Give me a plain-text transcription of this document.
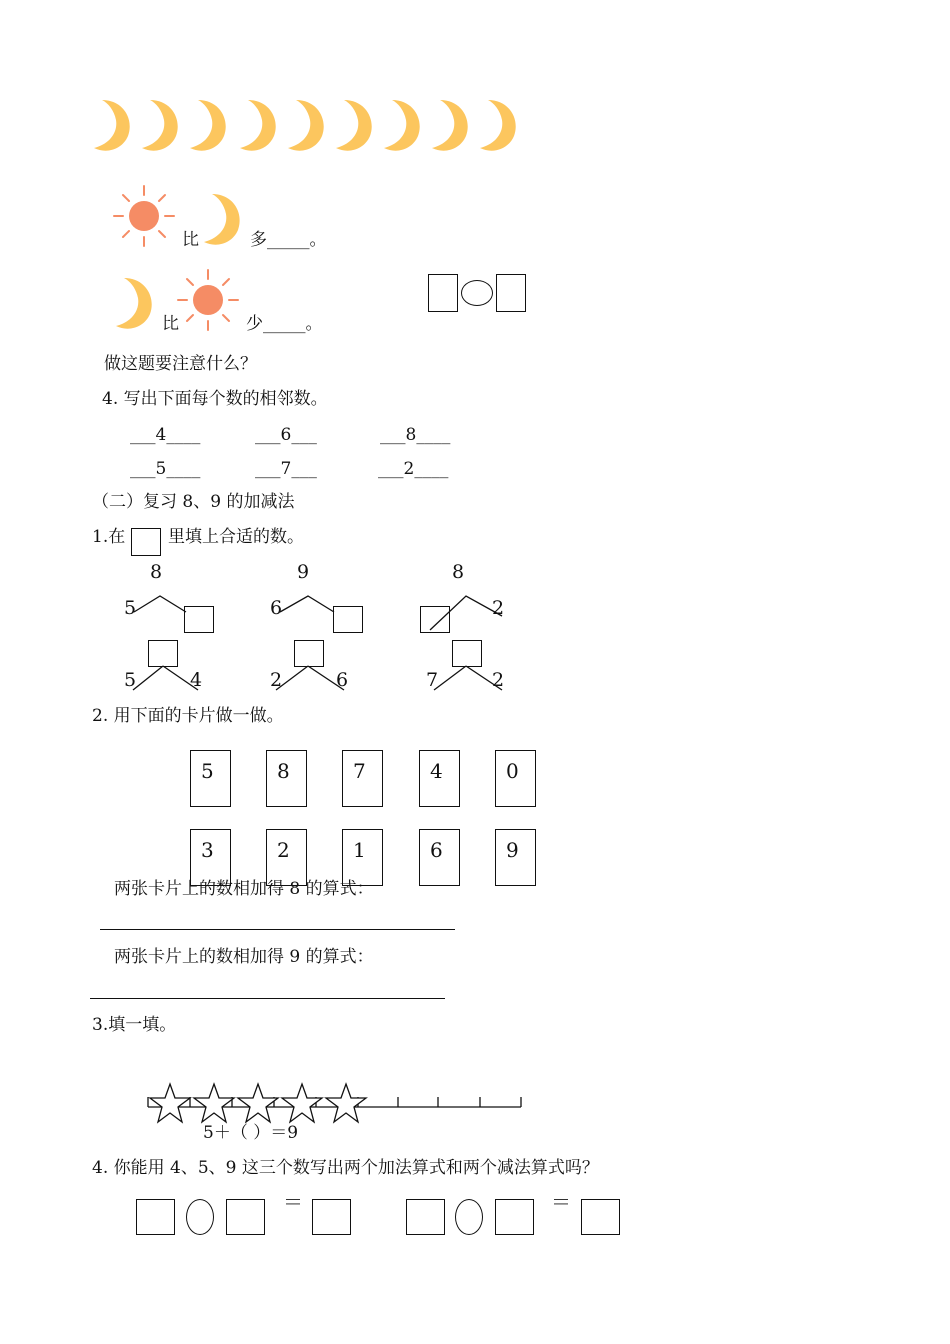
比	多_____。
比	少_____。
做这题要注意什么？
4. 写出下面每个数的相邻数。
___4____	___6___	___8____
___5____	___7___	___2____
（二）复习 8、9 的加减法
1.在	里填上合适的数。
8
5
9
6
8
2
5	4	2	6	7	2
2. 用下面的卡片做一做。
5	8	7	4	0
两张卡片上的数相加得 8 的算式：
3	2	1	6	9
两张卡片上的数相加得 9 的算式：
3.填一填。
5＋（ ）＝9
4. 你能用 4、5、9 这三个数写出两个加法算式和两个减法算式吗？
＝	＝
